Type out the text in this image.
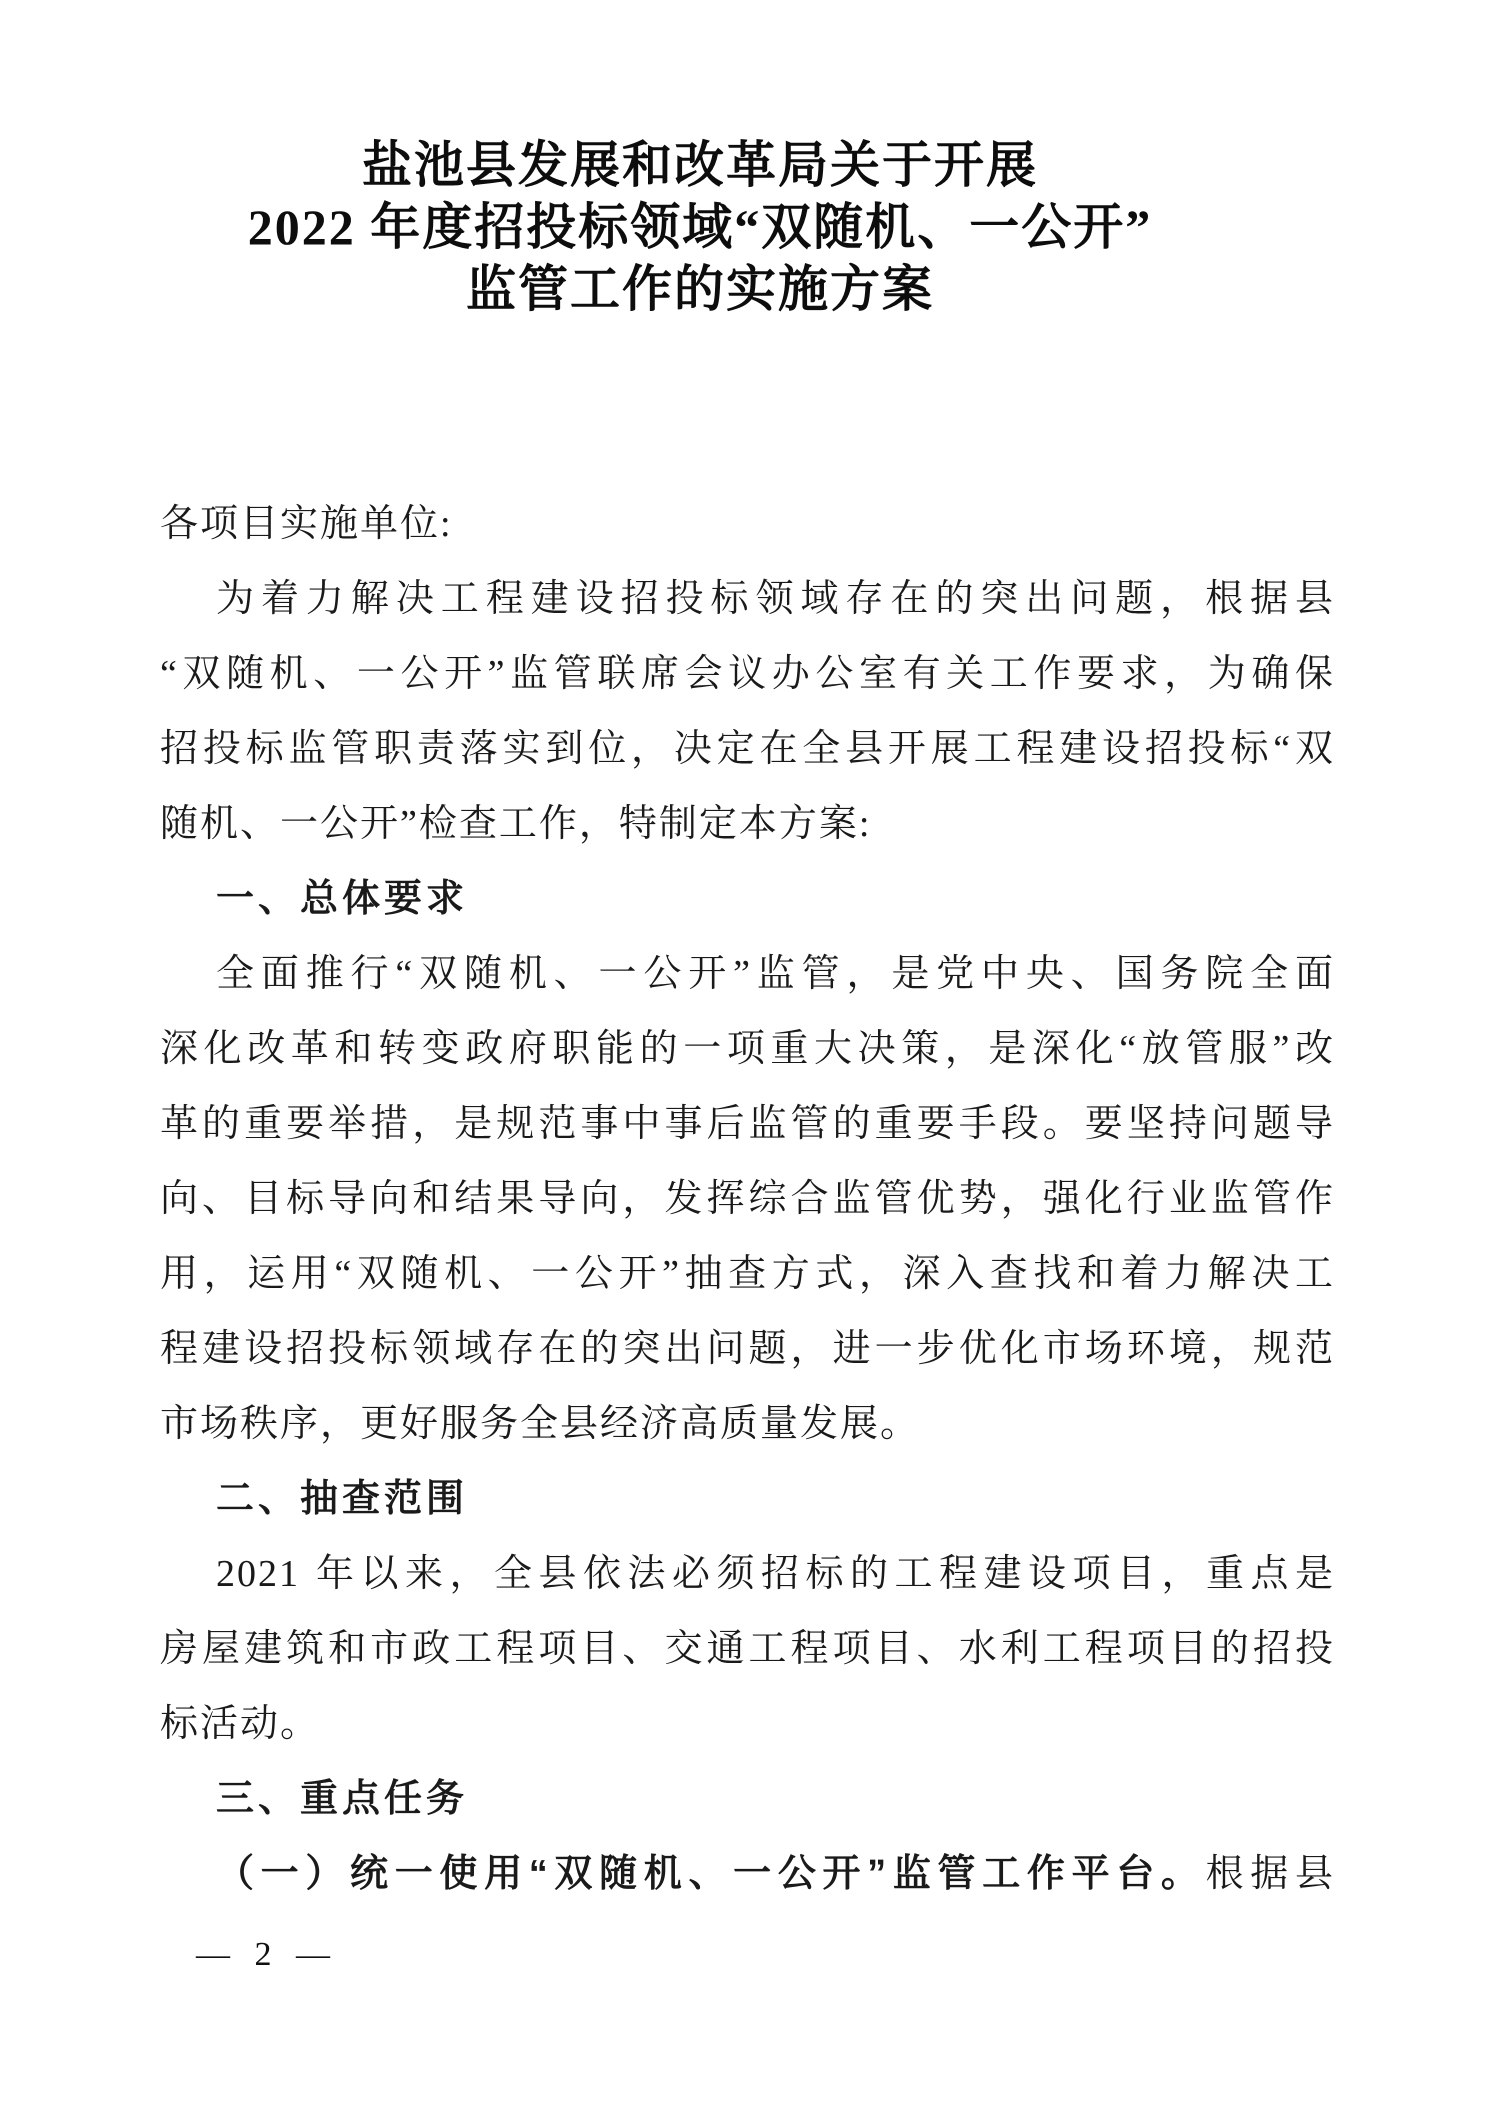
盐池县发展和改革局关于开展
2022 年度招投标领域“双随机、一公开”
监管工作的实施方案
各项目实施单位:
为着力解决工程建设招投标领域存在的突出问题，根据县
“双随机、一公开”监管联席会议办公室有关工作要求，为确保
招投标监管职责落实到位，决定在全县开展工程建设招投标“双
随机、一公开”检查工作，特制定本方案:
一、总体要求
全面推行“双随机、一公开”监管，是党中央、国务院全面
深化改革和转变政府职能的一项重大决策，是深化“放管服”改
革的重要举措，是规范事中事后监管的重要手段。要坚持问题导
向、目标导向和结果导向，发挥综合监管优势，强化行业监管作
用，运用“双随机、一公开”抽查方式，深入查找和着力解决工
程建设招投标领域存在的突出问题，进一步优化市场环境，规范
市场秩序，更好服务全县经济高质量发展。
二、抽查范围
2021 年以来，全县依法必须招标的工程建设项目，重点是
房屋建筑和市政工程项目、交通工程项目、水利工程项目的招投
标活动。
三、重点任务
（一）统一使用“双随机、一公开”监管工作平台。根据县
— 2 —
